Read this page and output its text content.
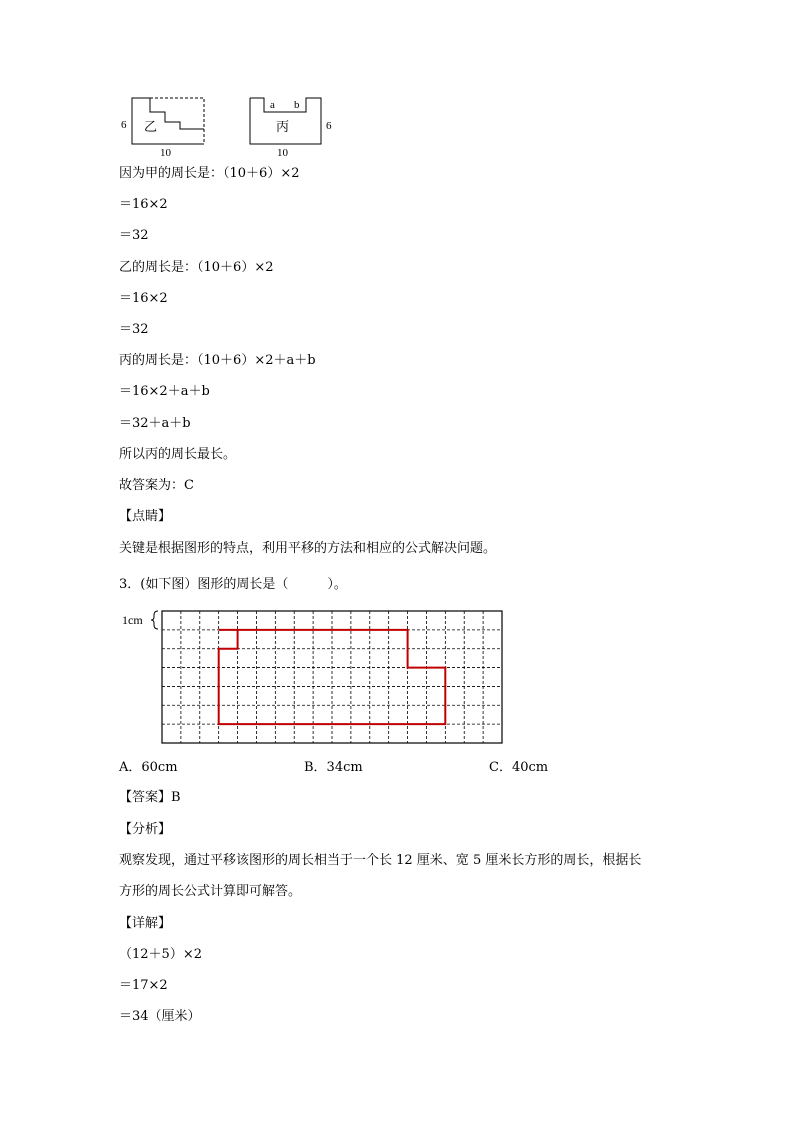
6 乙
10
a b
丙	6
10
因为甲的周长是：（10＋6）×2
＝16×2
＝32
乙的周长是：（10＋6）×2
＝16×2
＝32
丙的周长是：（10＋6）×2＋a＋b
＝16×2＋a＋b
＝32＋a＋b
所以丙的周长最长。
故答案为：C
【点睛】
关键是根据图形的特点，利用平移的方法和相应的公式解决问题。
3．(如下图）图形的周长是（　　　）。
1cm
A．60cm	B．34cm	C．40cm
【答案】B
【分析】
观察发现，通过平移该图形的周长相当于一个长 12 厘米、宽 5 厘米长方形的周长，根据长
方形的周长公式计算即可解答。
【详解】
（12＋5）×2
＝17×2
＝34（厘米）
